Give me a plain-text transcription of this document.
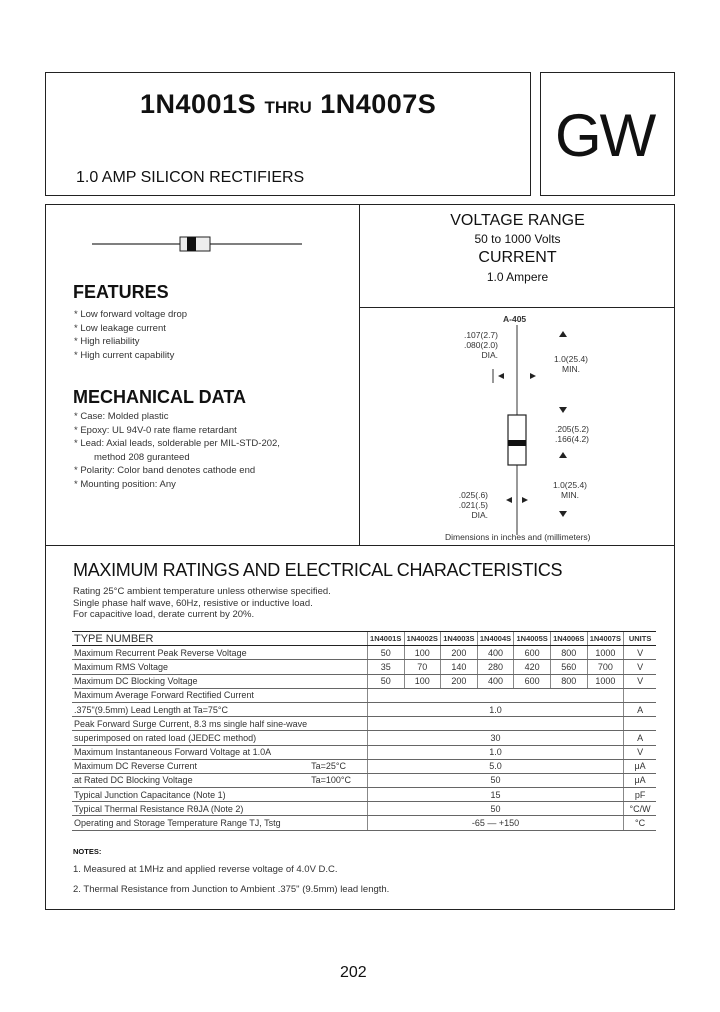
1N4001S THRU 1N4007S
1.0 AMP SILICON RECTIFIERS
GW
FEATURES
* Low forward voltage drop
* Low leakage current
* High reliability
* High current capability
MECHANICAL DATA
* Case: Molded plastic
* Epoxy: UL 94V-0 rate flame retardant
* Lead: Axial leads, solderable per MIL-STD-202,
method 208 guranteed
* Polarity: Color band denotes cathode end
* Mounting position: Any
VOLTAGE RANGE
50 to 1000 Volts
CURRENT
1.0 Ampere
A-405
.107(2.7)
.080(2.0)
DIA.	1.0(25.4)
MIN.
.205(5.2)
.166(4.2)
1.0(25.4)
MIN.
.025(.6)
.021(.5)
DIA.
Dimensions in inches and (millimeters)
MAXIMUM RATINGS AND ELECTRICAL CHARACTERISTICS
Rating 25°C ambient temperature unless otherwise specified.
Single phase half wave, 60Hz, resistive or inductive load.
For capacitive load, derate current by 20%.
TYPE NUMBER		1N4001S	1N4002S	1N4003S	1N4004S	1N4005S	1N4006S	1N4007S	UNITS
Maximum Recurrent Peak Reverse Voltage		50	100	200	400	600	800	1000	V
Maximum RMS Voltage		35	70	140	280	420	560	700	V
Maximum DC Blocking Voltage		50	100	200	400	600	800	1000	V
Maximum Average Forward Rectified Current									
.375"(9.5mm) Lead Length at Ta=75°C		1.0							A
Peak Forward Surge Current, 8.3 ms single half sine-wave									
superimposed on rated load (JEDEC method)		30							A
Maximum Instantaneous Forward Voltage at 1.0A		1.0							V
Maximum DC Reverse Current	Ta=25°C	5.0							μA
at Rated DC Blocking Voltage	Ta=100°C	50							μA
Typical Junction Capacitance (Note 1)		15							pF
Typical Thermal Resistance RθJA (Note 2)		50							°C/W
Operating and Storage Temperature Range TJ, Tstg		-65 — +150							°C
NOTES:
1. Measured at 1MHz and applied reverse voltage of 4.0V D.C.
2. Thermal Resistance from Junction to Ambient .375" (9.5mm) lead length.
202
